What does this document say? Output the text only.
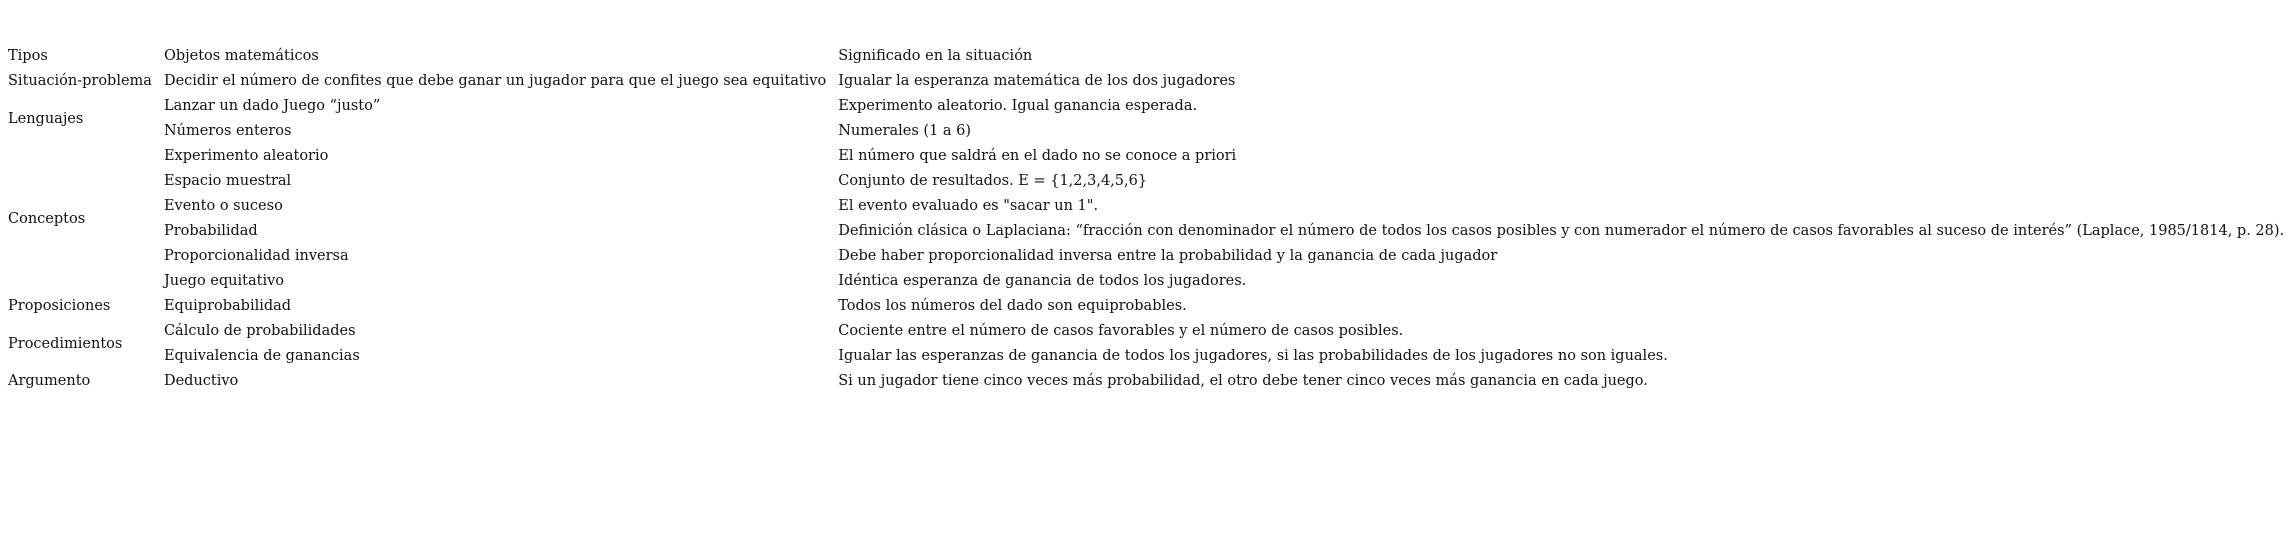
Tipos	Objetos matemáticos	Significado en la situación
Situación-problema	Decidir el número de confites que debe ganar un jugador para que el juego sea equitativo	Igualar la esperanza matemática de los dos jugadores
Lenguajes	Lanzar un dado Juego “justo”	Experimento aleatorio. Igual ganancia esperada.
	Números enteros	Numerales (1 a 6)
Conceptos	Experimento aleatorio	El número que saldrá en el dado no se conoce a priori
	Espacio muestral	Conjunto de resultados. E = {1,2,3,4,5,6}
	Evento o suceso	El evento evaluado es "sacar un 1".
	Probabilidad	Definición clásica o Laplaciana: “fracción con denominador el número de todos los casos posibles y con numerador el número de casos favorables al suceso de interés” (Laplace, 1985/1814, p. 28).
	Proporcionalidad inversa	Debe haber proporcionalidad inversa entre la probabilidad y la ganancia de cada jugador
	Juego equitativo	Idéntica esperanza de ganancia de todos los jugadores.
Proposiciones	Equiprobabilidad	Todos los números del dado son equiprobables.
Procedimientos	Cálculo de probabilidades	Cociente entre el número de casos favorables y el número de casos posibles.
	Equivalencia de ganancias	Igualar las esperanzas de ganancia de todos los jugadores, si las probabilidades de los jugadores no son iguales.
Argumento	Deductivo	Si un jugador tiene cinco veces más probabilidad, el otro debe tener cinco veces más ganancia en cada juego.
